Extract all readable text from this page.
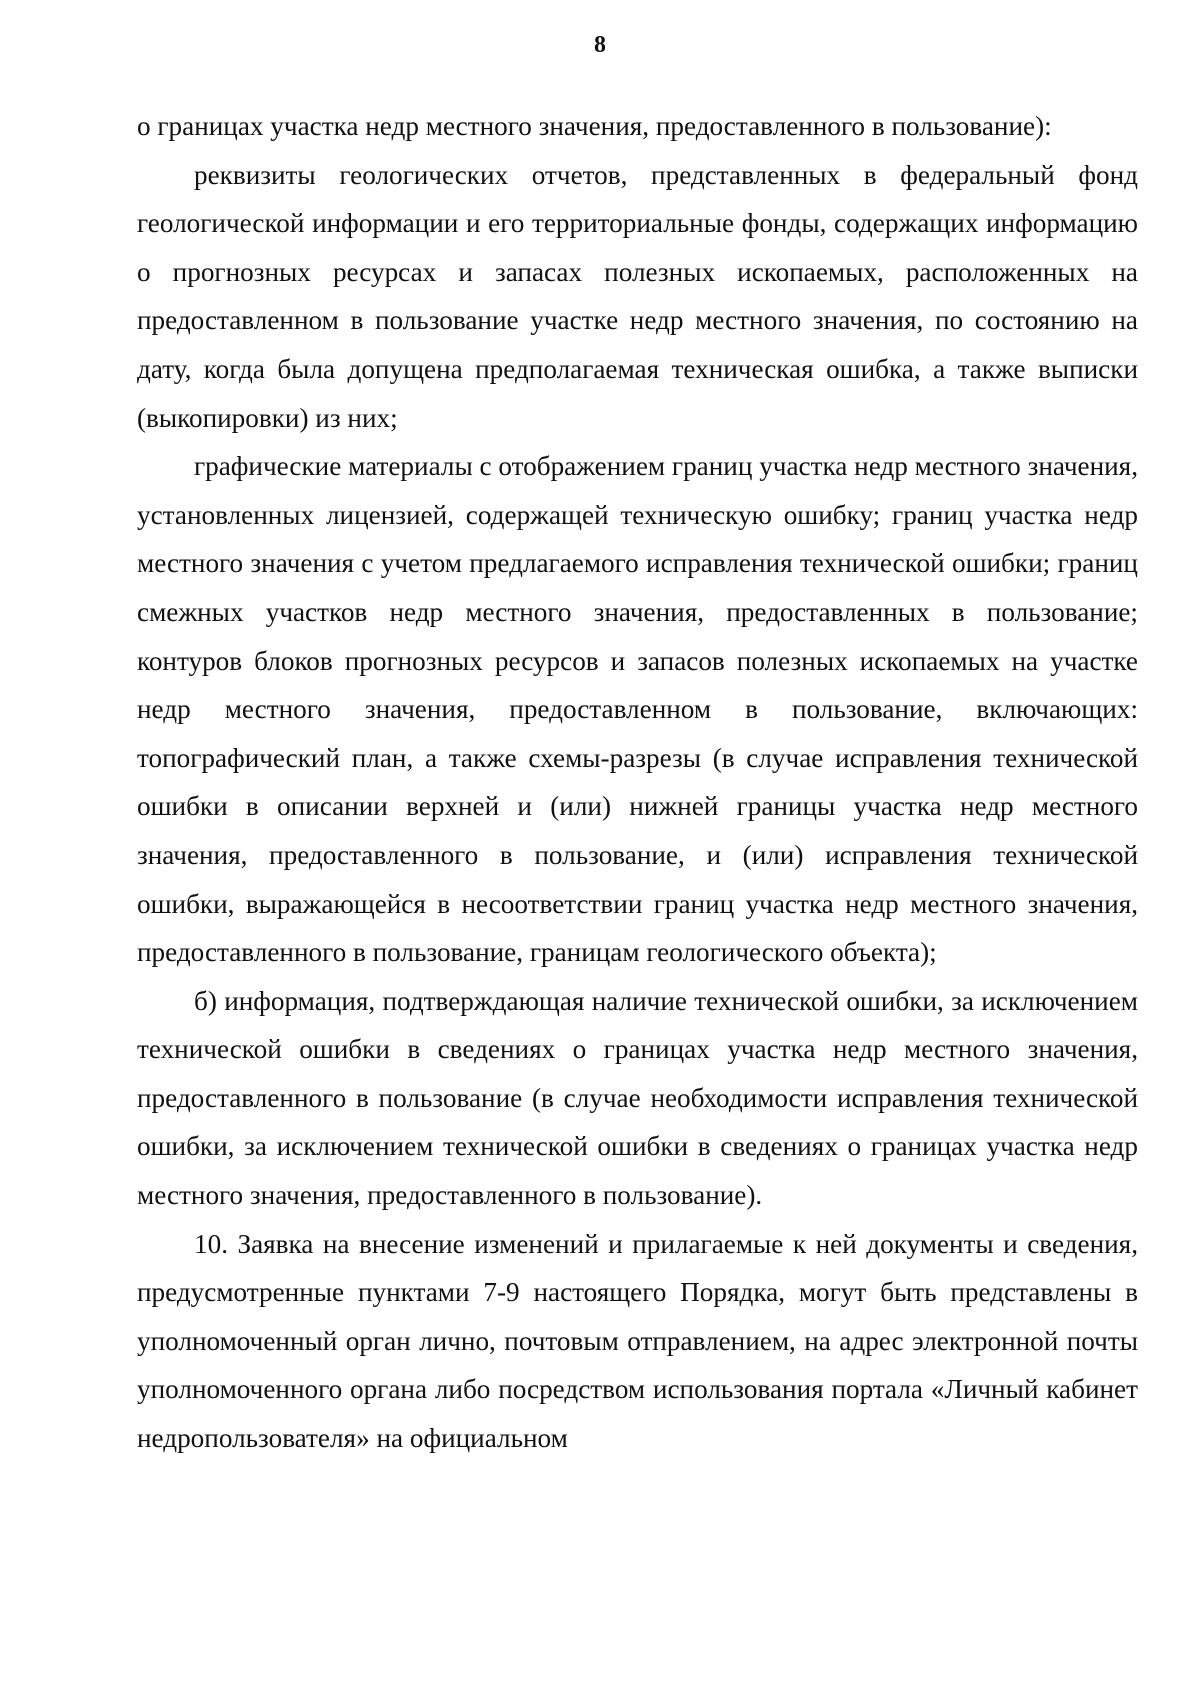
8

о границах участка недр местного значения, предоставленного в пользование):

реквизиты геологических отчетов, представленных в федеральный фонд геологической информации и его территориальные фонды, содержащих информацию о прогнозных ресурсах и запасах полезных ископаемых, расположенных на предоставленном в пользование участке недр местного значения, по состоянию на дату, когда была допущена предполагаемая техническая ошибка, а также выписки (выкопировки) из них;

графические материалы с отображением границ участка недр местного значения, установленных лицензией, содержащей техническую ошибку; границ участка недр местного значения с учетом предлагаемого исправления технической ошибки; границ смежных участков недр местного значения, предоставленных в пользование; контуров блоков прогнозных ресурсов и запасов полезных ископаемых на участке недр местного значения, предоставленном в пользование, включающих: топографический план, а также схемы-разрезы (в случае исправления технической ошибки в описании верхней и (или) нижней границы участка недр местного значения, предоставленного в пользование, и (или) исправления технической ошибки, выражающейся в несоответствии границ участка недр местного значения, предоставленного в пользование, границам геологического объекта);

б) информация, подтверждающая наличие технической ошибки, за исключением технической ошибки в сведениях о границах участка недр местного значения, предоставленного в пользование (в случае необходимости исправления технической ошибки, за исключением технической ошибки в сведениях о границах участка недр местного значения, предоставленного в пользование).

10. Заявка на внесение изменений и прилагаемые к ней документы и сведения, предусмотренные пунктами 7-9 настоящего Порядка, могут быть представлены в уполномоченный орган лично, почтовым отправлением, на адрес электронной почты уполномоченного органа либо посредством использования портала «Личный кабинет недропользователя» на официальном
